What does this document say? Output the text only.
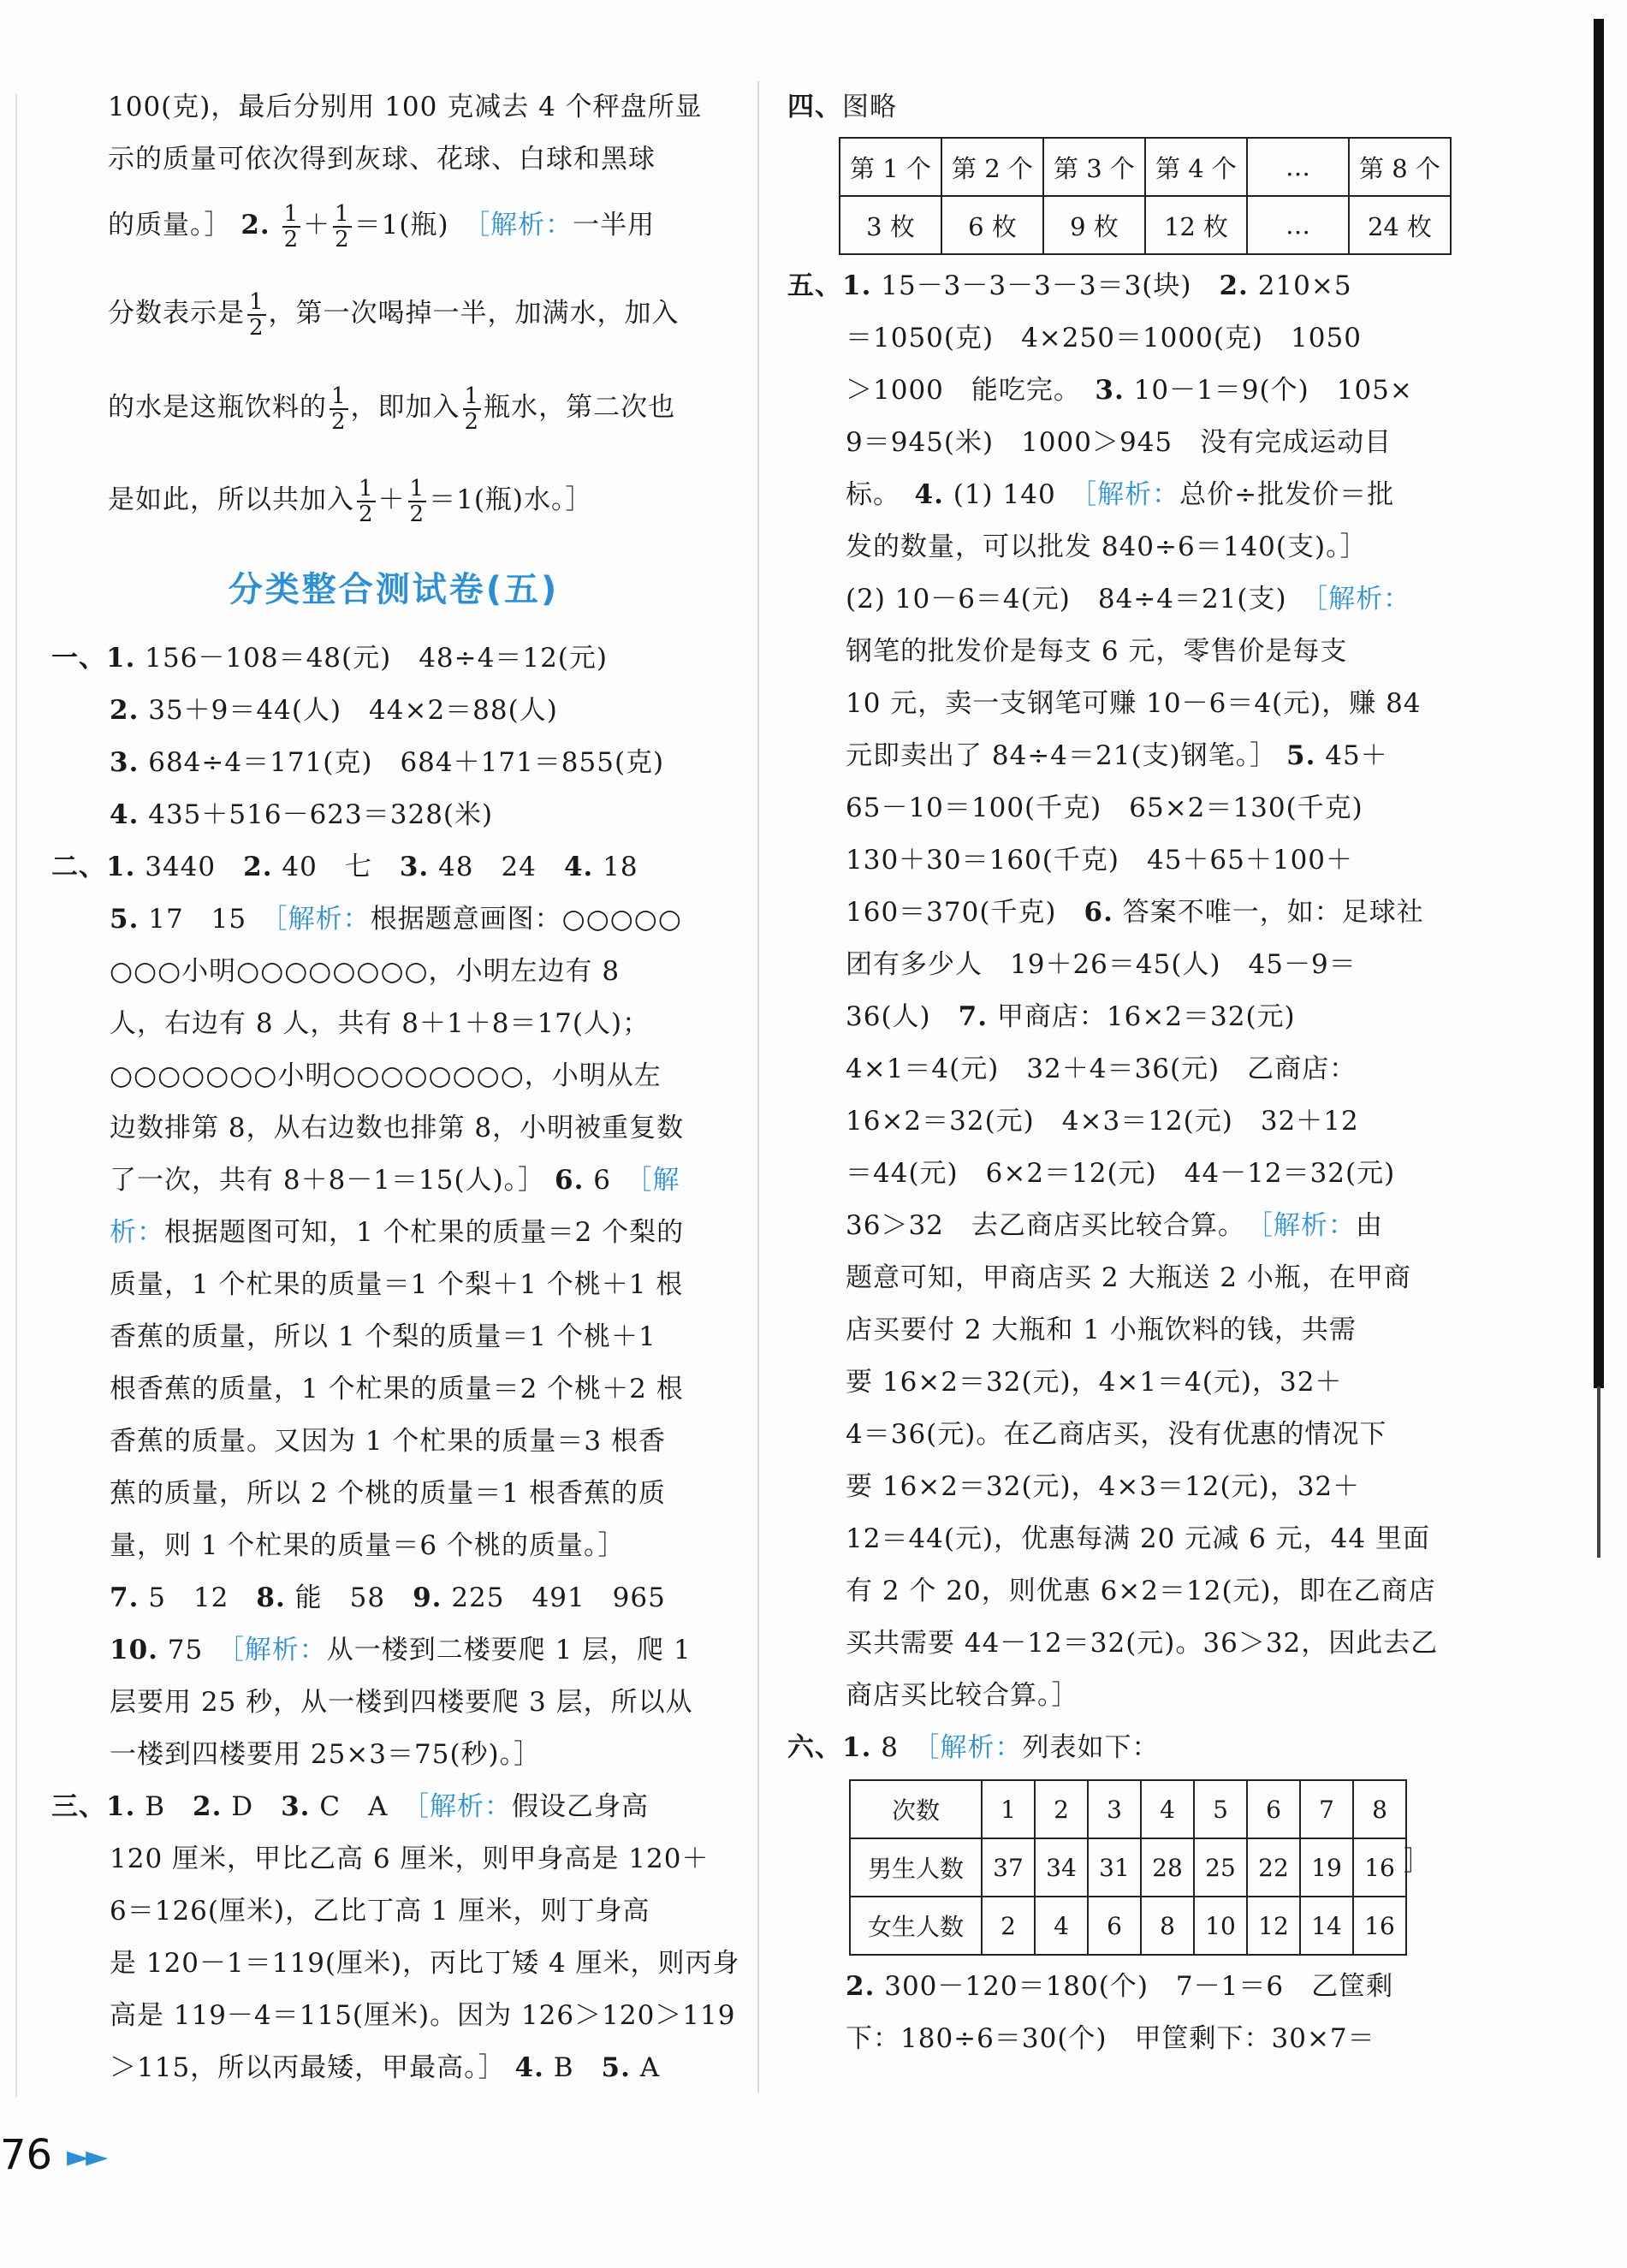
100(克)，最后分别用 100 克减去 4 个秤盘所显

示的质量可依次得到灰球、花球、白球和黑球

的质量。］ 2. $\frac{1}{2} + \frac{1}{2} =1$(瓶)　［解析：一半用

分数表示是 $\frac{1}{2}$ ，第一次喝掉一半，加满水，加入

的水是这瓶饮料的 $\frac{1}{2}$ ，即加入 $\frac{1}{2}$ 瓶水，第二次也

是如此，所以共加入 $\frac{1}{2} + \frac{1}{2} =1$(瓶)水。］

分类整合测试卷(五)

一、1. 156－108＝48(元)　48÷4＝12(元)

2. 35＋9＝44(人)　44×2＝88(人)

3. 684÷4＝171(克)　684＋171＝855(克)

4. 435＋516－623＝328(米)

二、1. 3440　2. 40　七　3. 48　24　4. 18

5. 17　15　［解析：根据题意画图：○○○○○

○○○小明○○○○○○○○，小明左边有 8

人，右边有 8 人，共有 8＋1＋8＝17(人)；

○○○○○○○小明○○○○○○○○，小明从左

边数排第 8，从右边数也排第 8，小明被重复数

了一次，共有 8＋8－1＝15(人)。］ 6. 6　［解

析：根据题图可知，1 个杧果的质量＝2 个梨的

质量，1 个杧果的质量＝1 个梨＋1 个桃＋1 根

香蕉的质量，所以 1 个梨的质量＝1 个桃＋1

根香蕉的质量，1 个杧果的质量＝2 个桃＋2 根

香蕉的质量。又因为 1 个杧果的质量＝3 根香

蕉的质量，所以 2 个桃的质量＝1 根香蕉的质

量，则 1 个杧果的质量＝6 个桃的质量。］

7. 5　12　8. 能　58　9. 225　491　965

10. 75　［解析：从一楼到二楼要爬 1 层，爬 1

层要用 25 秒，从一楼到四楼要爬 3 层，所以从

一楼到四楼要用 25×3＝75(秒)。］

三、1. B　2. D　3. C　A　［解析：假设乙身高

120 厘米，甲比乙高 6 厘米，则甲身高是 120＋

6＝126(厘米)，乙比丁高 1 厘米，则丁身高

是 120－1＝119(厘米)，丙比丁矮 4 厘米，则丙身

高是 119－4＝115(厘米)。因为 126＞120＞119

＞115，所以丙最矮，甲最高。］ 4. B　5. A

四、图略

第 1 个	第 2 个	第 3 个	第 4 个	…	第 8 个
3 枚	6 枚	9 枚	12 枚	…	24 枚

五、1. 15－3－3－3－3＝3(块)　2. 210×5

＝1050(克)　4×250＝1000(克)　1050

＞1000　能吃完。　3. 10－1＝9(个)　105×

9＝945(米)　1000＞945　没有完成运动目

标。　4. (1) 140　［解析：总价÷批发价＝批

发的数量，可以批发 840÷6＝140(支)。］

(2) 10－6＝4(元)　84÷4＝21(支)　［解析：

钢笔的批发价是每支 6 元，零售价是每支

10 元，卖一支钢笔可赚 10－6＝4(元)，赚 84

元即卖出了 84÷4＝21(支)钢笔。］ 5. 45＋

65－10＝100(千克)　65×2＝130(千克)

130＋30＝160(千克)　45＋65＋100＋

160＝370(千克)　6. 答案不唯一，如：足球社

团有多少人　19＋26＝45(人)　45－9＝

36(人)　7. 甲商店：16×2＝32(元)

4×1＝4(元)　32＋4＝36(元)　乙商店：

16×2＝32(元)　4×3＝12(元)　32＋12

＝44(元)　6×2＝12(元)　44－12＝32(元)

36＞32　去乙商店买比较合算。　［解析：由

题意可知，甲商店买 2 大瓶送 2 小瓶，在甲商

店买要付 2 大瓶和 1 小瓶饮料的钱，共需

要 16×2＝32(元)，4×1＝4(元)，32＋

4＝36(元)。在乙商店买，没有优惠的情况下

要 16×2＝32(元)，4×3＝12(元)，32＋

12＝44(元)，优惠每满 20 元减 6 元，44 里面

有 2 个 20，则优惠 6×2＝12(元)，即在乙商店

买共需要 44－12＝32(元)。36＞32，因此去乙

商店买比较合算。］

六、1. 8　［解析：列表如下：

次数	1	2	3	4	5	6	7	8
男生人数	37	34	31	28	25	22	19	16
女生人数	2	4	6	8	10	12	14	16
］

2. 300－120＝180(个)　7－1＝6　乙筐剩

下：180÷6＝30(个)　甲筐剩下：30×7＝

76 ►►
